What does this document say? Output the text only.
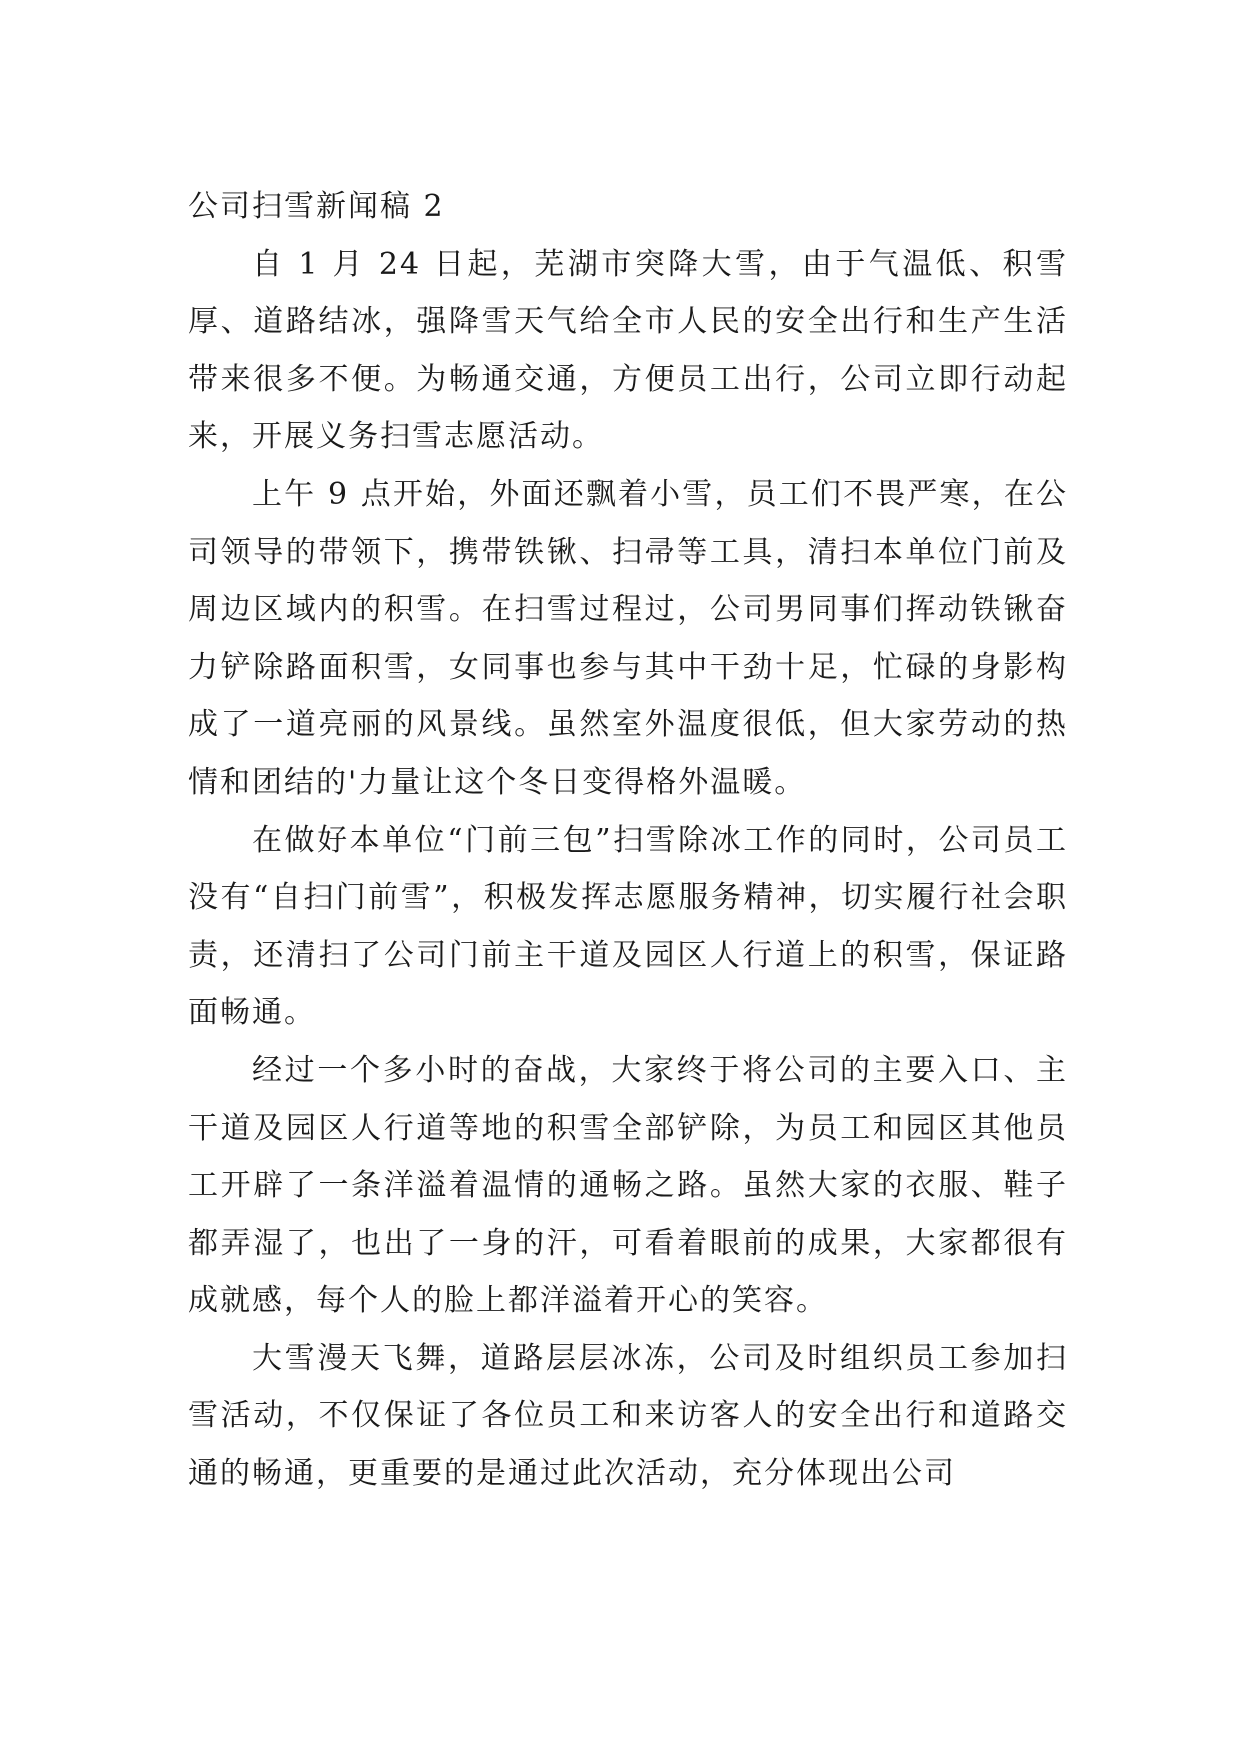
公司扫雪新闻稿 2

自 1 月 24 日起，芜湖市突降大雪，由于气温低、积雪厚、道路结冰，强降雪天气给全市人民的安全出行和生产生活带来很多不便。为畅通交通，方便员工出行，公司立即行动起来，开展义务扫雪志愿活动。

上午 9 点开始，外面还飘着小雪，员工们不畏严寒，在公司领导的带领下，携带铁锹、扫帚等工具，清扫本单位门前及周边区域内的积雪。在扫雪过程过，公司男同事们挥动铁锹奋力铲除路面积雪，女同事也参与其中干劲十足，忙碌的身影构成了一道亮丽的风景线。虽然室外温度很低，但大家劳动的热情和团结的'力量让这个冬日变得格外温暖。

在做好本单位“门前三包”扫雪除冰工作的同时，公司员工没有“自扫门前雪”，积极发挥志愿服务精神，切实履行社会职责，还清扫了公司门前主干道及园区人行道上的积雪，保证路面畅通。

经过一个多小时的奋战，大家终于将公司的主要入口、主干道及园区人行道等地的积雪全部铲除，为员工和园区其他员工开辟了一条洋溢着温情的通畅之路。虽然大家的衣服、鞋子都弄湿了，也出了一身的汗，可看着眼前的成果，大家都很有成就感，每个人的脸上都洋溢着开心的笑容。

大雪漫天飞舞，道路层层冰冻，公司及时组织员工参加扫雪活动，不仅保证了各位员工和来访客人的安全出行和道路交通的畅通，更重要的是通过此次活动，充分体现出公司
